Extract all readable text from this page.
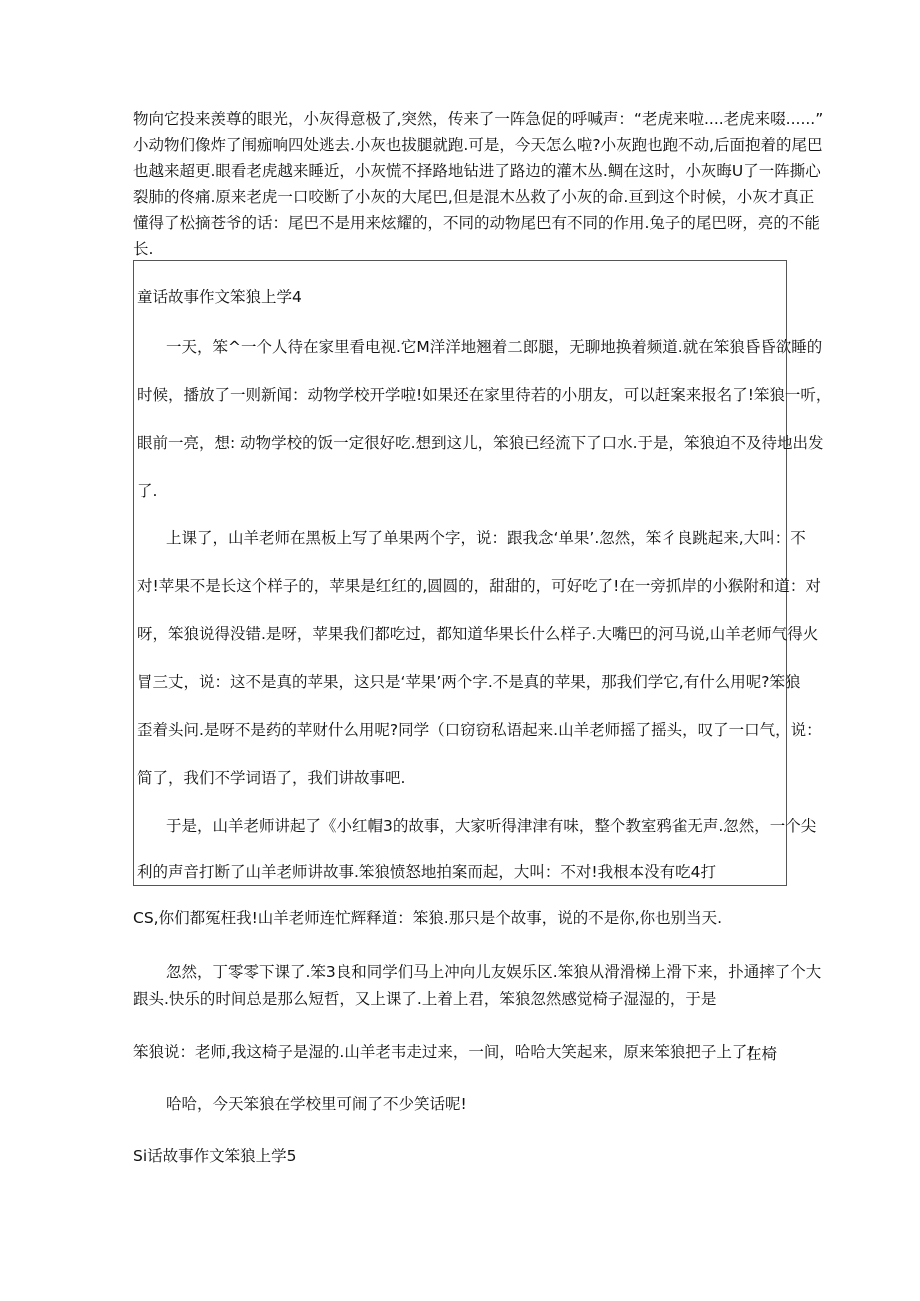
物向它投来羡尊的眼光，小灰得意极了,突然，传来了一阵急促的呼喊声：“老虎来啦....老虎来啜......”
小动物们像炸了闱痂响四处逃去.小灰也拔腿就跑.可是，今天怎么啦?小灰跑也跑不动,后面抱着的尾巴
也越来超更.眼看老虎越来睡近，小灰慌不择路地钻进了路边的灌木丛.鲷在这时，小灰晦U了一阵撕心
裂肺的佟痛.原来老虎一口咬断了小灰的大尾巴,但是混木丛救了小灰的命.亘到这个时候，小灰才真正
懂得了松摘苍爷的话：尾巴不是用来炫耀的，不同的动物尾巴有不同的作用.兔子的尾巴呀，亮的不能
长.
童话故事作文笨狼上学4
一天，笨^一个人待在家里看电视.它M洋洋地翘着二郎腿，无聊地换着频道.就在笨狼昏昏欲睡的
时候，播放了一则新闻：动物学校开学啦!如果还在家里待若的小朋友，可以赶案来报名了!笨狼一听，
眼前一亮，想: 动物学校的饭一定很好吃.想到这儿，笨狼已经流下了口水.于是，笨狼迫不及待地出发
了.
上课了，山羊老师在黑板上写了单果两个字，说：跟我念‘单果’.忽然，笨彳良跳起来,大叫：不
对!苹果不是长这个样子的，苹果是红红的,圆圆的，甜甜的，可好吃了!在一旁抓岸的小猴附和道：对
呀，笨狼说得没错.是呀，苹果我们都吃过，都知道华果长什么样子.大嘴巴的河马说,山羊老师气得火
冒三丈，说：这不是真的苹果，这只是‘苹果’两个字.不是真的苹果，那我们学它,有什么用呢?笨狼
歪着头问.是呀不是药的苹财什么用呢?同学（口窃窃私语起来.山羊老师摇了摇头，叹了一口气，说：
简了，我们不学词语了，我们讲故事吧.
于是，山羊老师讲起了《小红帽3的故事，大家听得津津有味，整个教室鸦雀无声.忽然，一个尖
利的声音打断了山羊老师讲故事.笨狼愤怒地拍案而起，大叫：不对!我根本没有吃4打
CS,你们都冤枉我!山羊老师连忙辉释道：笨狼.那只是个故事，说的不是你,你也别当天.
忽然，丁零零下课了.笨3良和同学们马上冲向儿友娱乐区.笨狼从滑滑梯上滑下来，扑通摔了个大
跟头.快乐的时间总是那么短哲，又上课了.上着上君，笨狼忽然感觉椅子湿湿的，于是
笨狼说：老师,我这椅子是湿的.山羊老韦走过来，一间，哈哈大笑起来，原来笨狼把子上了!
在椅
哈哈，今天笨狼在学校里可闹了不少笑话呢!
Si话故事作文笨狼上学5
